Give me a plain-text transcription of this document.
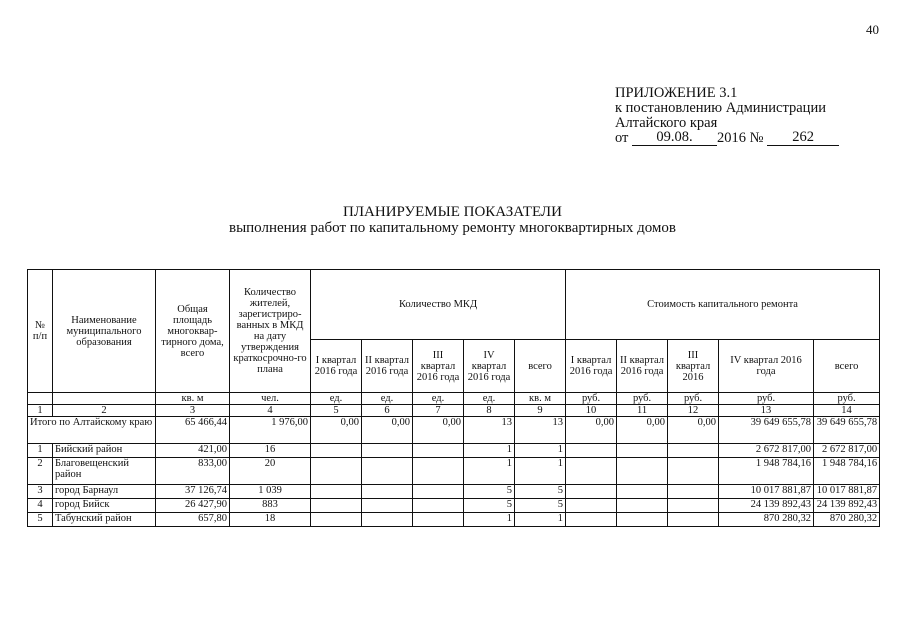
40
ПРИЛОЖЕНИЕ 3.1
к постановлению Администрации
Алтайского края
от 09.08. 2016 № 262
ПЛАНИРУЕМЫЕ ПОКАЗАТЕЛИ
выполнения работ по капитальному ремонту многоквартирных домов
№ п/п	Наименование муниципального образования	Общая площадь многоквар-тирного дома, всего	Количество жителей, зарегистриро-ванных в МКД на дату утверждения краткосрочно-го плана	Количество МКД					Стоимость капитального ремонта				
				I квартал 2016 года	II квартал 2016 года	III квартал 2016 года	IV квартал 2016 года	всего	I квартал 2016 года	II квартал 2016 года	III квартал 2016	IV квартал 2016 года	всего
		кв. м	чел.	ед.	ед.	ед.	ед.	кв. м	руб.	руб.	руб.	руб.	руб.
1	2	3	4	5	6	7	8	9	10	11	12	13	14
Итого по Алтайскому краю		65 466,44	1 976,00	0,00	0,00	0,00	13	13	0,00	0,00	0,00	39 649 655,78	39 649 655,78
1	Бийский район	421,00	16				1	1				2 672 817,00	2 672 817,00
2	Благовещенский район	833,00	20				1	1				1 948 784,16	1 948 784,16
3	город Барнаул	37 126,74	1 039				5	5				10 017 881,87	10 017 881,87
4	город Бийск	26 427,90	883				5	5				24 139 892,43	24 139 892,43
5	Табунский район	657,80	18				1	1				870 280,32	870 280,32
